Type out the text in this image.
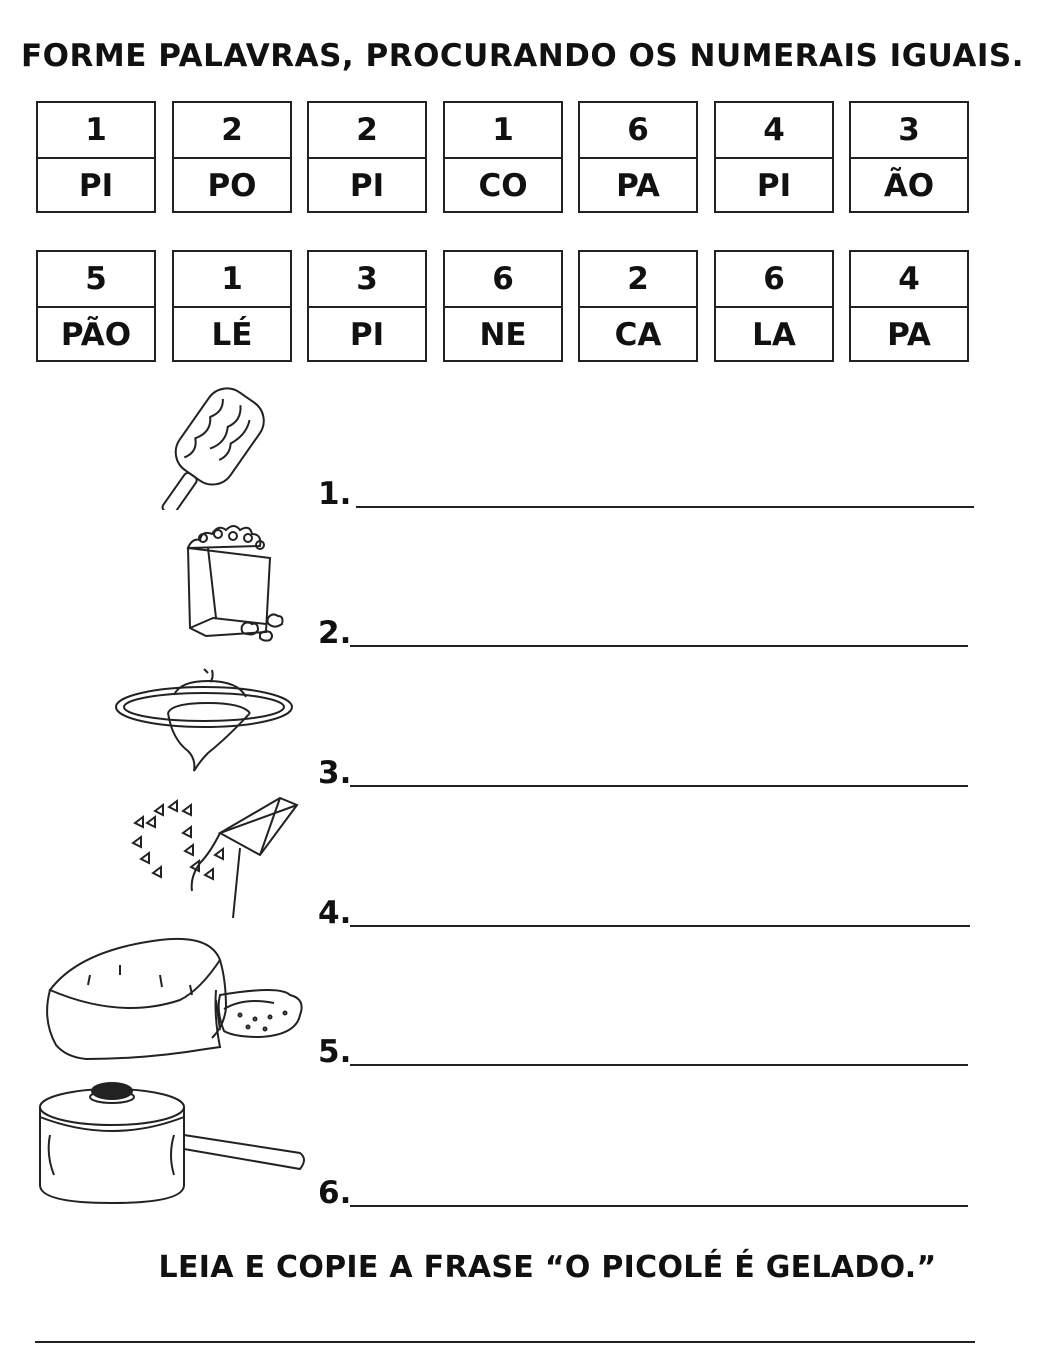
FORME PALAVRAS, PROCURANDO OS NUMERAIS IGUAIS.
1
PI
2
PO
2
PI
1
CO
6
PA
4
PI
3
ÃO
5
PÃO
1
LÉ
3
PI
6
NE
2
CA
6
LA
4
PA
1.
2.
3.
4.
5.
6.
LEIA E COPIE A FRASE “O PICOLÉ É GELADO.”
